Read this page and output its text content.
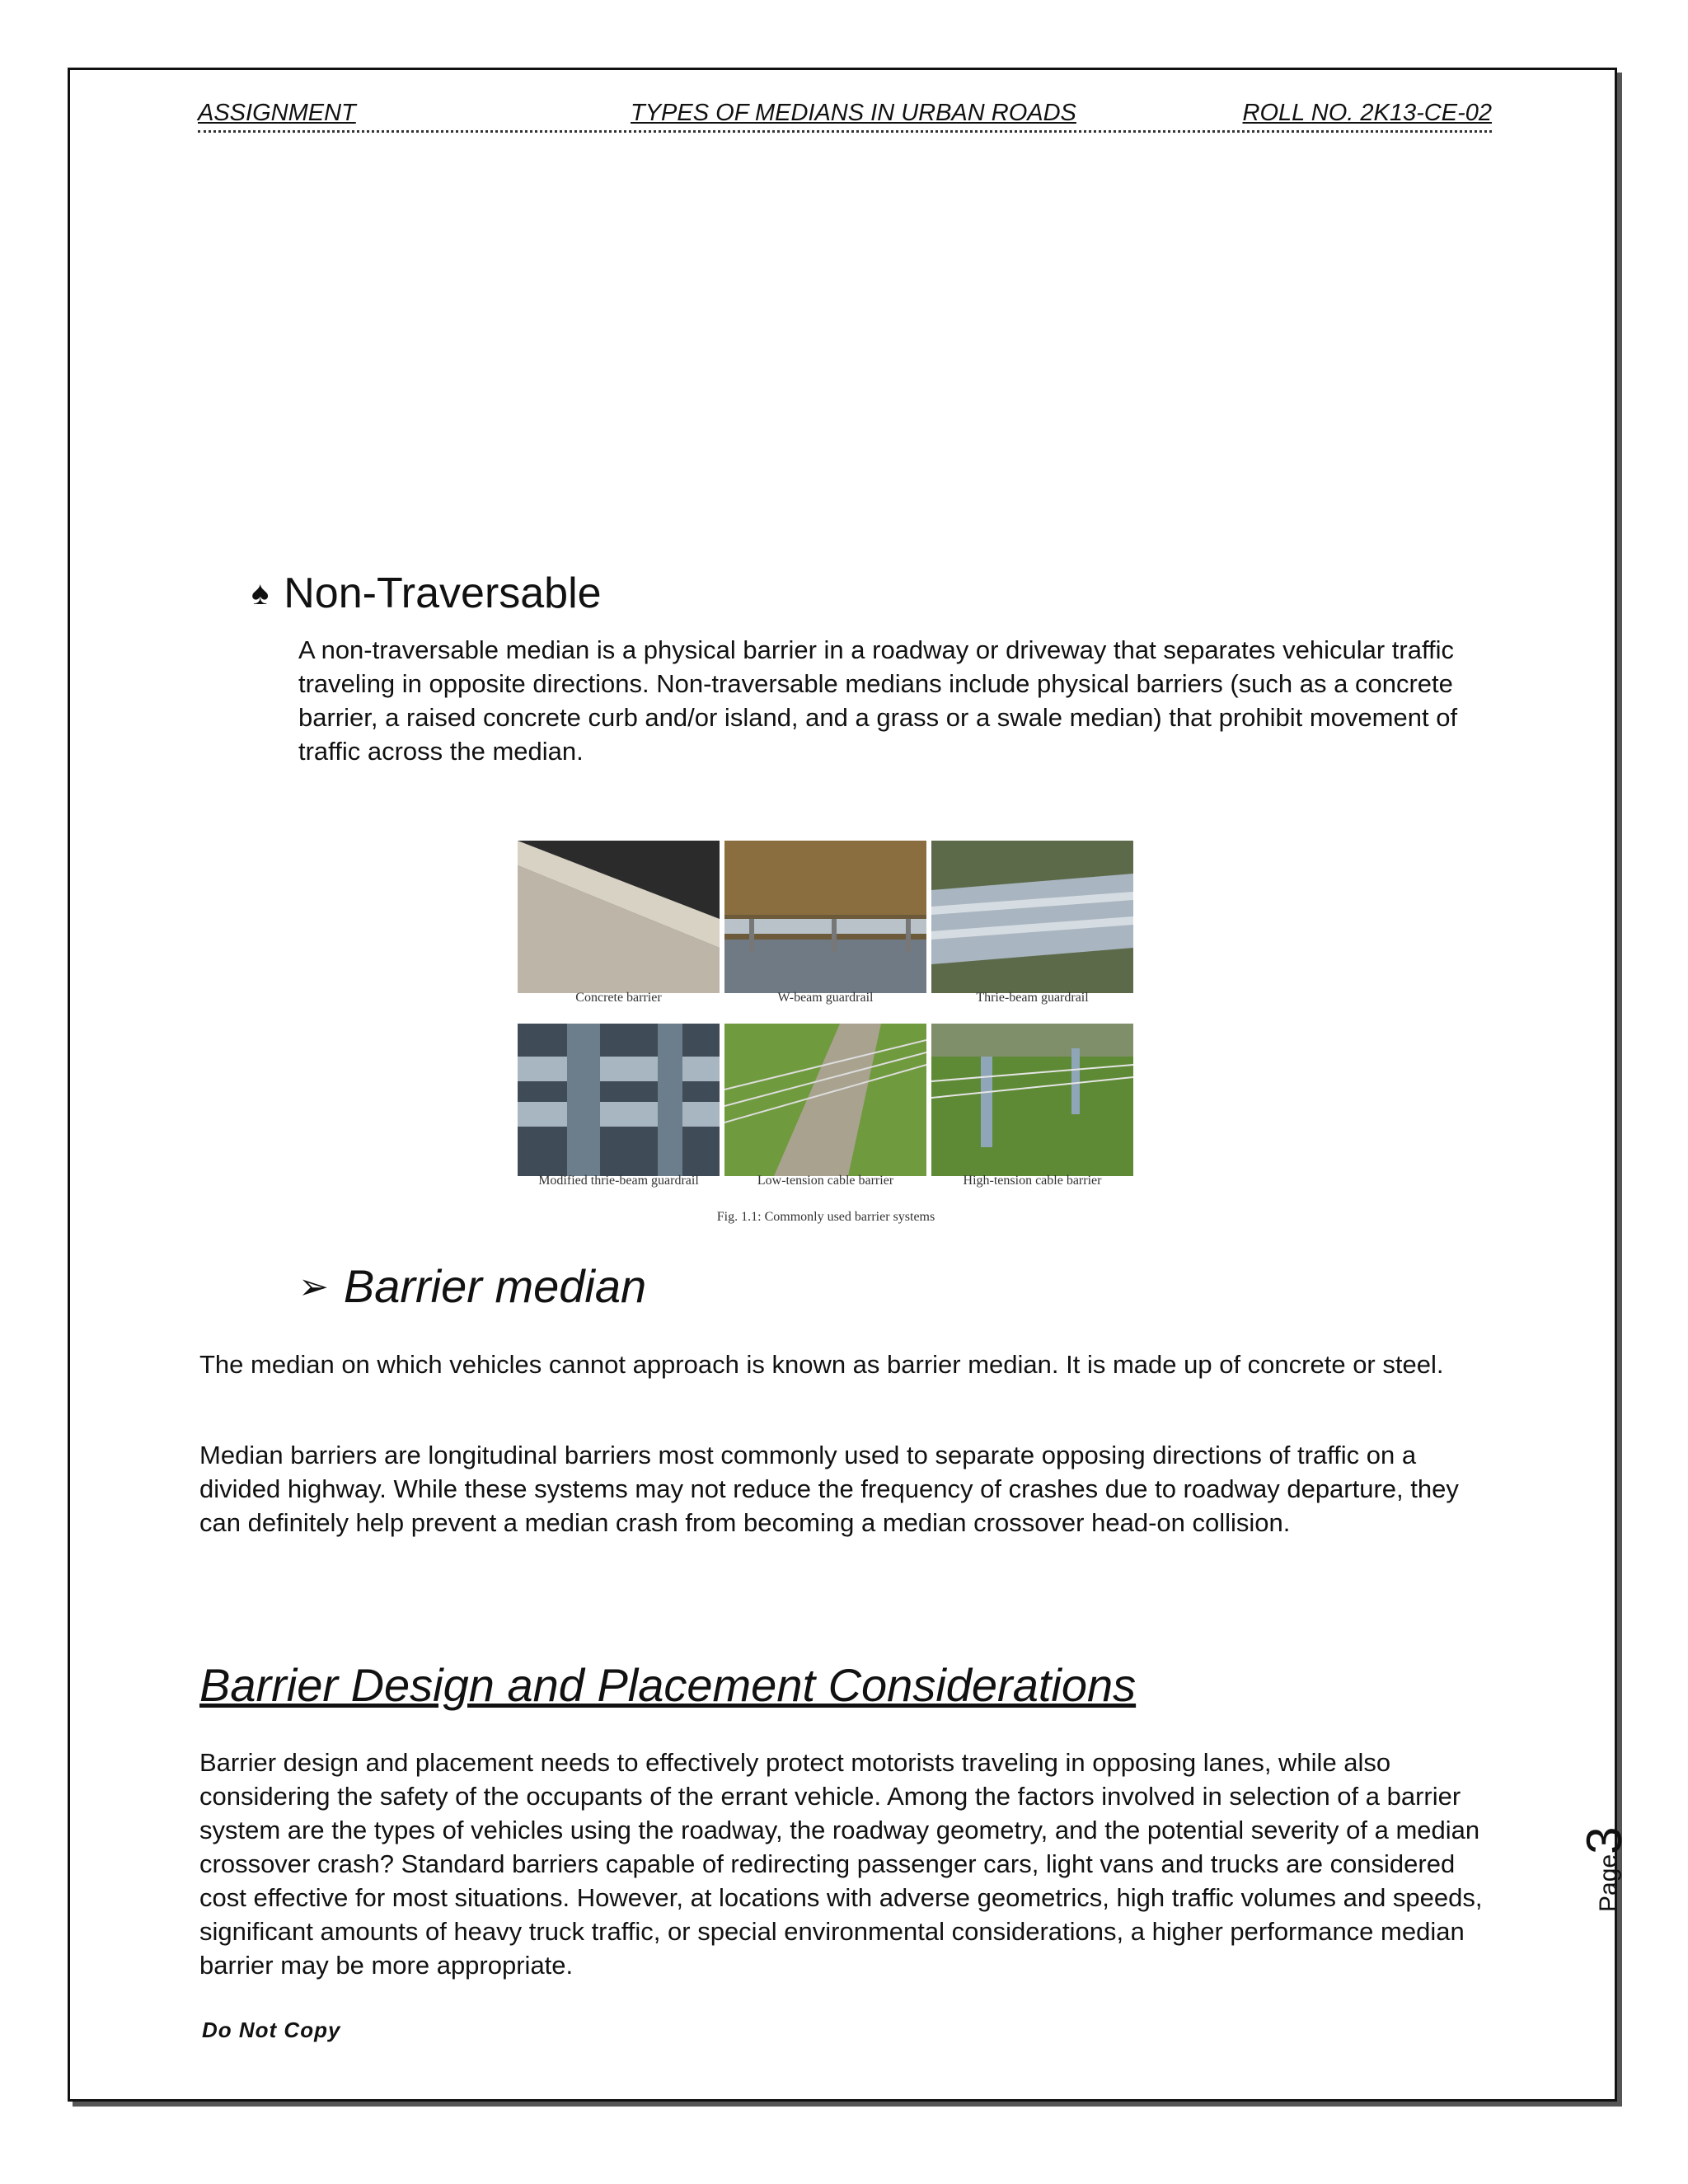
ASSIGNMENT	TYPES OF MEDIANS IN URBAN ROADS	ROLL NO. 2K13-CE-02
♠ Non-Traversable
A non-traversable median is a physical barrier in a roadway or driveway that separates vehicular traffic traveling in opposite directions. Non-traversable medians include physical barriers (such as a concrete barrier, a raised concrete curb and/or island, and a grass or a swale median) that prohibit movement of traffic across the median.
Concrete barrier	W-beam guardrail	Thrie-beam guardrail
Modified thrie-beam guardrail	Low-tension cable barrier	High-tension cable barrier
Fig. 1.1: Commonly used barrier systems
➢ Barrier median
The median on which vehicles cannot approach is known as barrier median. It is made up of concrete or steel.
Median barriers are longitudinal barriers most commonly used to separate opposing directions of traffic on a divided highway. While these systems may not reduce the frequency of crashes due to roadway departure, they can definitely help prevent a median crash from becoming a median crossover head-on collision.
Barrier Design and Placement Considerations
Barrier design and placement needs to effectively protect motorists traveling in opposing lanes, while also considering the safety of the occupants of the errant vehicle. Among the factors involved in selection of a barrier system are the types of vehicles using the roadway, the roadway geometry, and the potential severity of a median crossover crash? Standard barriers capable of redirecting passenger cars, light vans and trucks are considered cost effective for most situations. However, at locations with adverse geometrics, high traffic volumes and speeds, significant amounts of heavy truck traffic, or special environmental considerations, a higher performance median barrier may be more appropriate.
Do Not Copy
Page3
